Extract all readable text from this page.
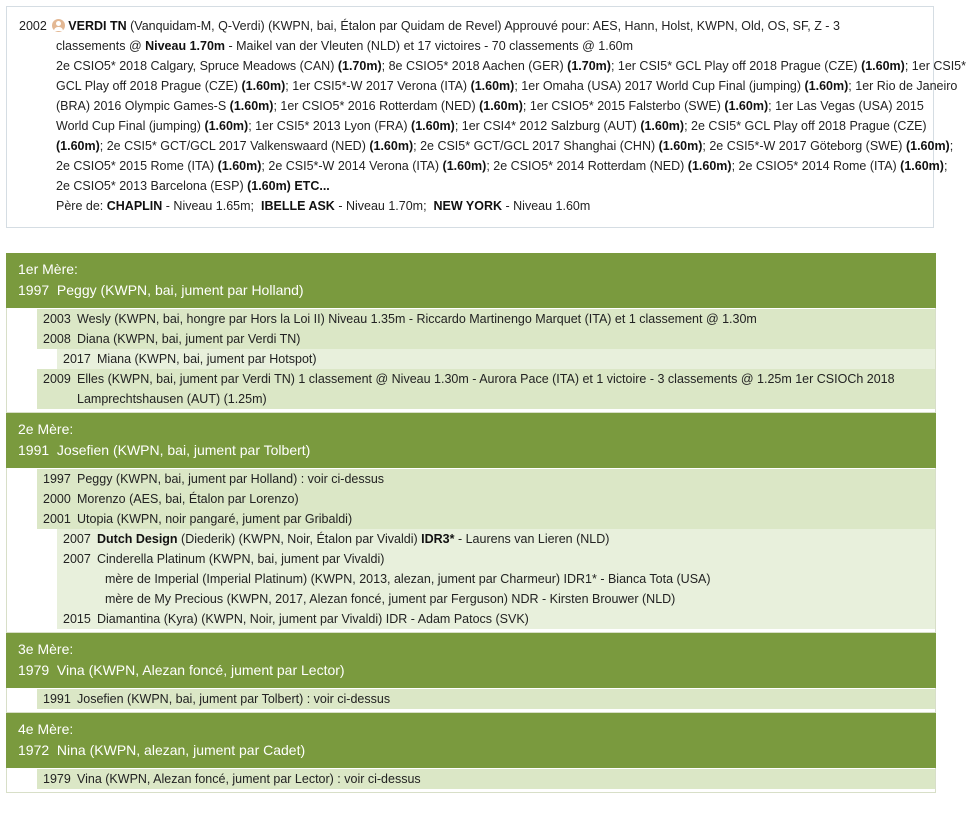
2002 VERDI TN (Vanquidam-M, Q-Verdi) (KWPN, bai, Étalon par Quidam de Revel) Approuvé pour: AES, Hann, Holst, KWPN, Old, OS, SF, Z - 3
classements @ Niveau 1.70m - Maikel van der Vleuten (NLD) et 17 victoires - 70 classements @ 1.60m
2e CSIO5* 2018 Calgary, Spruce Meadows (CAN) (1.70m); 8e CSIO5* 2018 Aachen (GER) (1.70m); 1er CSI5* GCL Play off 2018 Prague (CZE) (1.60m); 1er CSI5*
GCL Play off 2018 Prague (CZE) (1.60m); 1er CSI5*-W 2017 Verona (ITA) (1.60m); 1er Omaha (USA) 2017 World Cup Final (jumping) (1.60m); 1er Rio de Janeiro
(BRA) 2016 Olympic Games-S (1.60m); 1er CSIO5* 2016 Rotterdam (NED) (1.60m); 1er CSIO5* 2015 Falsterbo (SWE) (1.60m); 1er Las Vegas (USA) 2015
World Cup Final (jumping) (1.60m); 1er CSI5* 2013 Lyon (FRA) (1.60m); 1er CSI4* 2012 Salzburg (AUT) (1.60m); 2e CSI5* GCL Play off 2018 Prague (CZE)
(1.60m); 2e CSI5* GCT/GCL 2017 Valkenswaard (NED) (1.60m); 2e CSI5* GCT/GCL 2017 Shanghai (CHN) (1.60m); 2e CSI5*-W 2017 Göteborg (SWE) (1.60m);
2e CSIO5* 2015 Rome (ITA) (1.60m); 2e CSI5*-W 2014 Verona (ITA) (1.60m); 2e CSIO5* 2014 Rotterdam (NED) (1.60m); 2e CSIO5* 2014 Rome (ITA) (1.60m);
2e CSIO5* 2013 Barcelona (ESP) (1.60m) ETC...
Père de: CHAPLIN - Niveau 1.65m; IBELLE ASK - Niveau 1.70m; NEW YORK - Niveau 1.60m
1er Mère:
1997  Peggy (KWPN, bai, jument par Holland)
2003 Wesly (KWPN, bai, hongre par Hors la Loi II) Niveau 1.35m - Riccardo Martinengo Marquet (ITA) et 1 classement @ 1.30m
2008 Diana (KWPN, bai, jument par Verdi TN)
2017 Miana (KWPN, bai, jument par Hotspot)
2009 Elles (KWPN, bai, jument par Verdi TN) 1 classement @ Niveau 1.30m - Aurora Pace (ITA) et 1 victoire - 3 classements @ 1.25m 1er CSIOCh 2018 Lamprechtshausen (AUT) (1.25m)
2e Mère:
1991  Josefien (KWPN, bai, jument par Tolbert)
1997 Peggy (KWPN, bai, jument par Holland) : voir ci-dessus
2000 Morenzo (AES, bai, Étalon par Lorenzo)
2001 Utopia (KWPN, noir pangaré, jument par Gribaldi)
2007 Dutch Design (Diederik) (KWPN, Noir, Étalon par Vivaldi) IDR3* - Laurens van Lieren (NLD)
2007 Cinderella Platinum (KWPN, bai, jument par Vivaldi)
mère de Imperial (Imperial Platinum) (KWPN, 2013, alezan, jument par Charmeur) IDR1* - Bianca Tota (USA)
mère de My Precious (KWPN, 2017, Alezan foncé, jument par Ferguson) NDR - Kirsten Brouwer (NLD)
2015 Diamantina (Kyra) (KWPN, Noir, jument par Vivaldi) IDR - Adam Patocs (SVK)
3e Mère:
1979  Vina (KWPN, Alezan foncé, jument par Lector)
1991 Josefien (KWPN, bai, jument par Tolbert) : voir ci-dessus
4e Mère:
1972  Nina (KWPN, alezan, jument par Cadet)
1979 Vina (KWPN, Alezan foncé, jument par Lector) : voir ci-dessus
